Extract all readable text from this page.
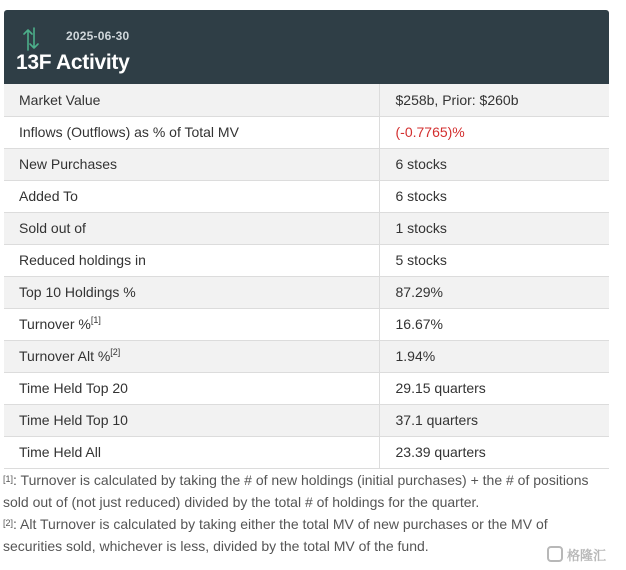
2025-06-30
13F Activity
Market Value	$258b, Prior: $260b
Inflows (Outflows) as % of Total MV	(-0.7765)%
New Purchases	6 stocks
Added To	6 stocks
Sold out of	1 stocks
Reduced holdings in	5 stocks
Top 10 Holdings %	87.29%
Turnover %[1]	16.67%
Turnover Alt %[2]	1.94%
Time Held Top 20	29.15 quarters
Time Held Top 10	37.1 quarters
Time Held All	23.39 quarters

[1]: Turnover is calculated by taking the # of new holdings (initial purchases) + the # of positions sold out of (not just reduced) divided by the total # of holdings for the quarter.

[2]: Alt Turnover is calculated by taking either the total MV of new purchases or the MV of securities sold, whichever is less, divided by the total MV of the fund.

格隆汇
